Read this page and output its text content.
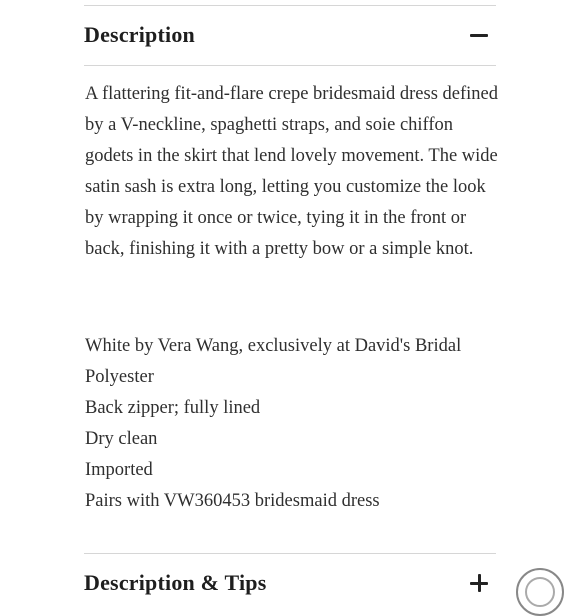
Description

A flattering fit-and-flare crepe bridesmaid dress defined by a V-neckline, spaghetti straps, and soie chiffon godets in the skirt that lend lovely movement. The wide satin sash is extra long, letting you customize the look by wrapping it once or twice, tying it in the front or back, finishing it with a pretty bow or a simple knot.

White by Vera Wang, exclusively at David's Bridal
Polyester
Back zipper; fully lined
Dry clean
Imported
Pairs with VW360453 bridesmaid dress
Description & Tips
